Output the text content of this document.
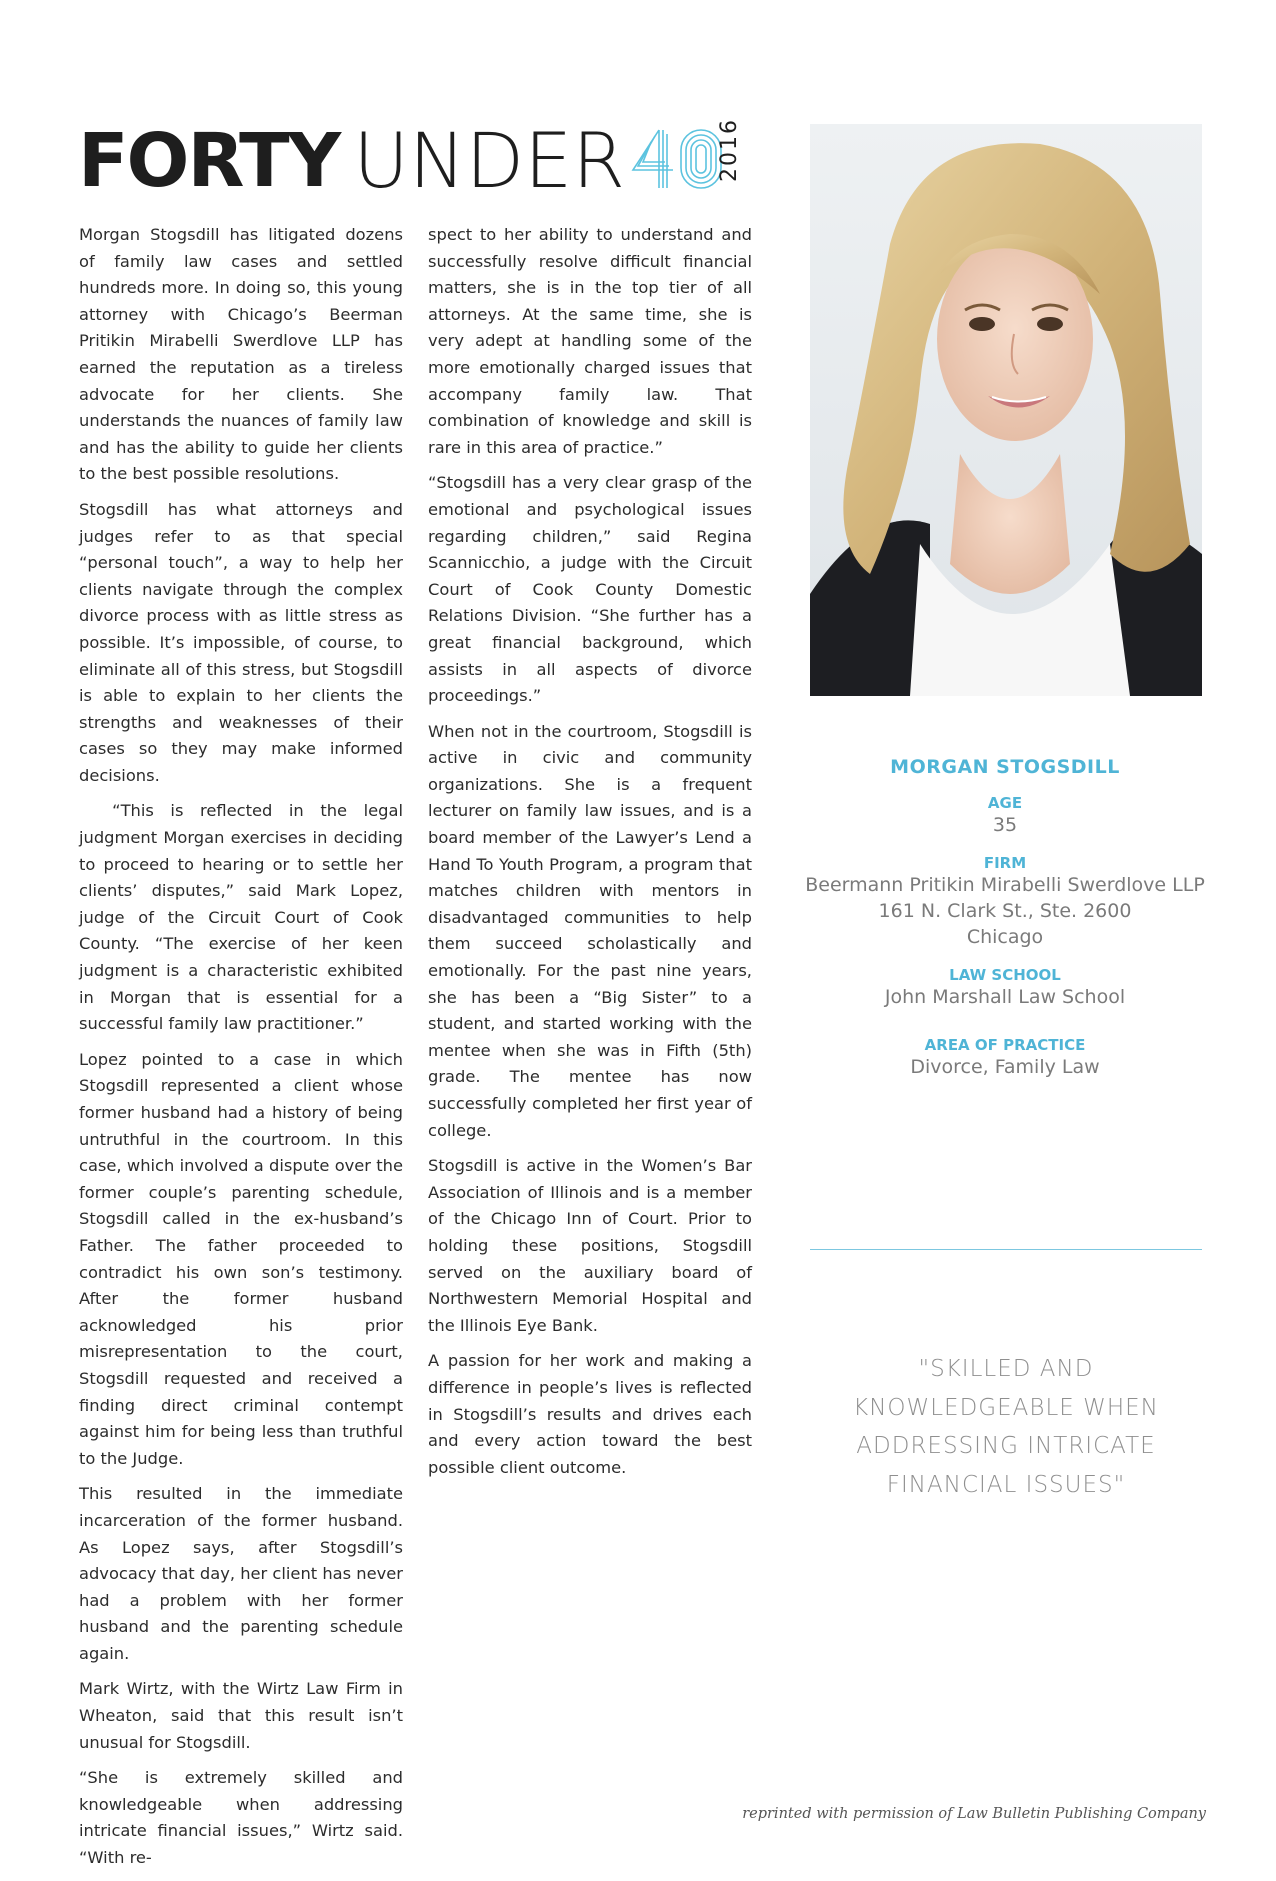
FORTY UNDER	40	2016

Morgan Stogsdill has litigated dozens of family law cases and settled hundreds more. In doing so, this young attorney with Chicago’s Beerman Pritikin Mirabelli Swerdlove LLP has earned the reputation as a tireless advocate for her clients. She understands the nuances of family law and has the ability to guide her clients to the best possible resolutions.

Stogsdill has what attorneys and judges refer to as that special “personal touch”, a way to help her clients navigate through the complex divorce process with as little stress as possible. It’s impossible, of course, to eliminate all of this stress, but Stogsdill is able to explain to her clients the strengths and weaknesses of their cases so they may make informed decisions.

“This is reflected in the legal judgment Morgan exercises in deciding to proceed to hearing or to settle her clients’ disputes,” said Mark Lopez, judge of the Circuit Court of Cook County. “The exercise of her keen judgment is a characteristic exhibited in Morgan that is essential for a successful family law practitioner.”

Lopez pointed to a case in which Stogsdill represented a client whose former husband had a history of being untruthful in the courtroom. In this case, which involved a dispute over the former couple’s parenting schedule, Stogsdill called in the ex-husband’s Father. The father proceeded to contradict his own son’s testimony. After the former husband acknowledged his prior misrepresentation to the court, Stogsdill requested and received a finding direct criminal contempt against him for being less than truthful to the Judge.

This resulted in the immediate incarceration of the former husband. As Lopez says, after Stogsdill’s advocacy that day, her client has never had a problem with her former husband and the parenting schedule again.

Mark Wirtz, with the Wirtz Law Firm in Wheaton, said that this result isn’t unusual for Stogsdill.

“She is extremely skilled and knowledgeable when addressing intricate financial issues,” Wirtz said. “With re-

spect to her ability to understand and successfully resolve difficult financial matters, she is in the top tier of all attorneys. At the same time, she is very adept at handling some of the more emotionally charged issues that accompany family law. That combination of knowledge and skill is rare in this area of practice.”

“Stogsdill has a very clear grasp of the emotional and psychological issues regarding children,” said Regina Scannicchio, a judge with the Circuit Court of Cook County Domestic Relations Division. “She further has a great financial background, which assists in all aspects of divorce proceedings.”

When not in the courtroom, Stogsdill is active in civic and community organizations. She is a frequent lecturer on family law issues, and is a board member of the Lawyer’s Lend a Hand To Youth Program, a program that matches children with mentors in disadvantaged communities to help them succeed scholastically and emotionally. For the past nine years, she has been a “Big Sister” to a student, and started working with the mentee when she was in Fifth (5th) grade. The mentee has now successfully completed her first year of college.

Stogsdill is active in the Women’s Bar Association of Illinois and is a member of the Chicago Inn of Court. Prior to holding these positions, Stogsdill served on the auxiliary board of Northwestern Memorial Hospital and the Illinois Eye Bank.

A passion for her work and making a difference in people’s lives is reflected in Stogsdill’s results and drives each and every action toward the best possible client outcome.

MORGAN STOGSDILL
AGE
35
FIRM
Beermann Pritikin Mirabelli Swerdlove LLP
161 N. Clark St., Ste. 2600
Chicago
LAW SCHOOL
John Marshall Law School
AREA OF PRACTICE
Divorce, Family Law
"SKILLED AND
KNOWLEDGEABLE WHEN
ADDRESSING INTRICATE
FINANCIAL ISSUES"
reprinted with permission of Law Bulletin Publishing Company
